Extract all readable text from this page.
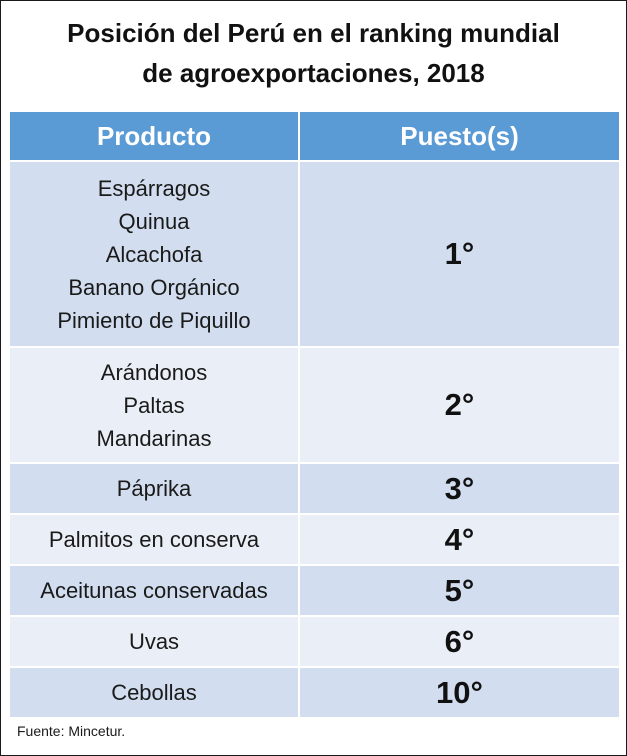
Posición del Perú en el ranking mundial
de agroexportaciones, 2018
Producto	Puesto(s)

Espárragos
Quinua
Alcachofa
Banano Orgánico
Pimiento de Piquillo	1°

Arándonos
Paltas
Mandarinas	2°

Páprika	3°

Palmitos en conserva	4°

Aceitunas conservadas	5°

Uvas	6°

Cebollas	10°
Fuente: Mincetur.
